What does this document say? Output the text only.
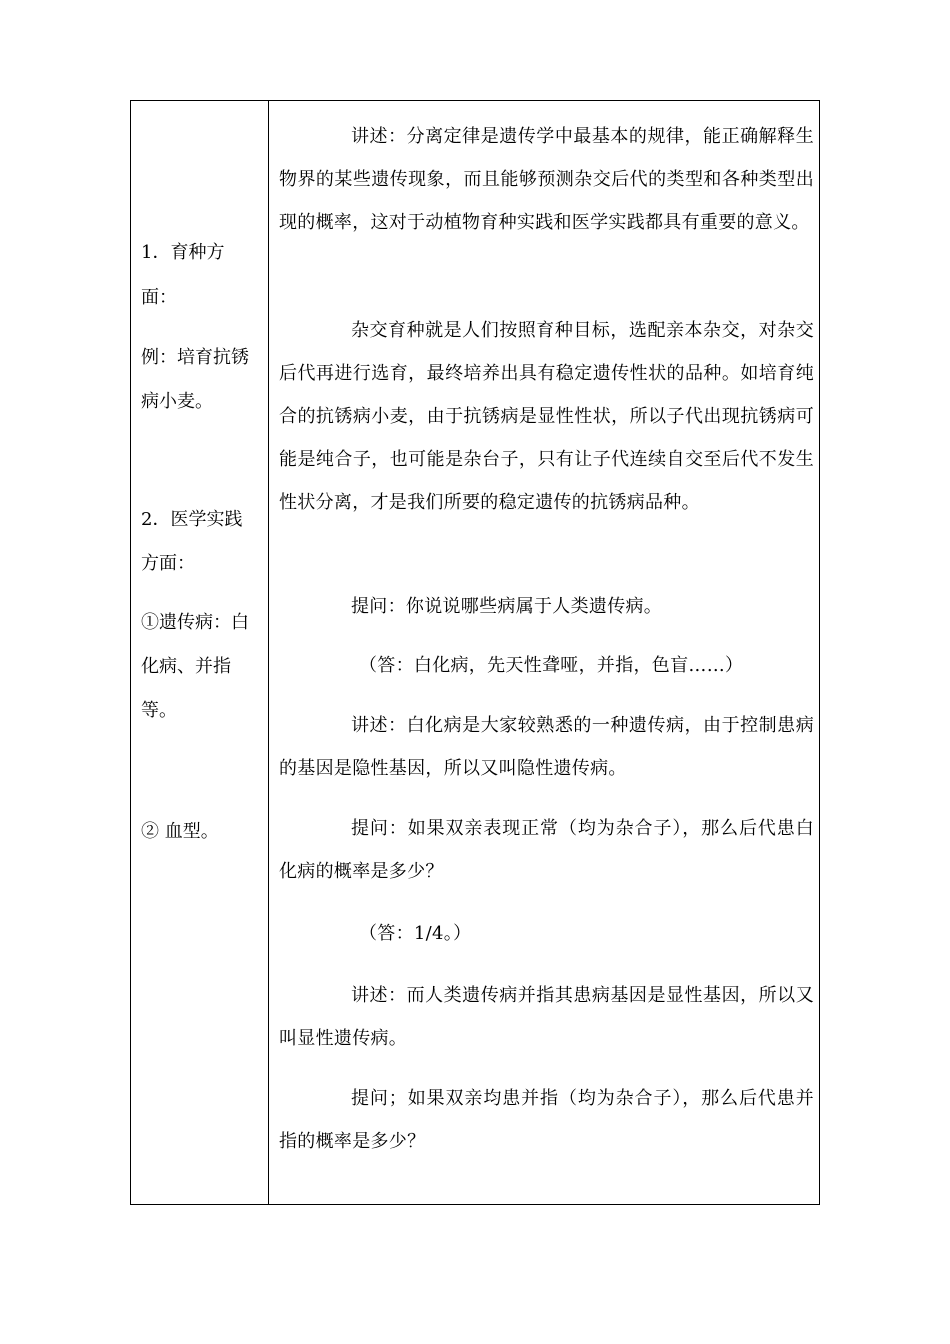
1．育种方
面：
例：培育抗锈
病小麦。
2．医学实践
方面：
①遗传病：白
化病、并指
等。
② 血型。

讲述：分离定律是遗传学中最基本的规律，能正确解释生物界的某些遗传现象，而且能够预测杂交后代的类型和各种类型出现的概率，这对于动植物育种实践和医学实践都具有重要的意义。

杂交育种就是人们按照育种目标，选配亲本杂交，对杂交后代再进行选育，最终培养出具有稳定遗传性状的品种。如培育纯合的抗锈病小麦，由于抗锈病是显性性状，所以子代出现抗锈病可能是纯合子，也可能是杂台子，只有让子代连续自交至后代不发生性状分离，才是我们所要的稳定遗传的抗锈病品种。

提问：你说说哪些病属于人类遗传病。

（答：白化病，先天性聋哑，并指，色盲……）

讲述：白化病是大家较熟悉的一种遗传病，由于控制患病的基因是隐性基因，所以又叫隐性遗传病。

提问：如果双亲表现正常（均为杂合子），那么后代患白化病的概率是多少？

（答：1/4。）

讲述：而人类遗传病并指其患病基因是显性基因，所以又叫显性遗传病。

提问；如果双亲均患并指（均为杂合子），那么后代患并指的概率是多少？
